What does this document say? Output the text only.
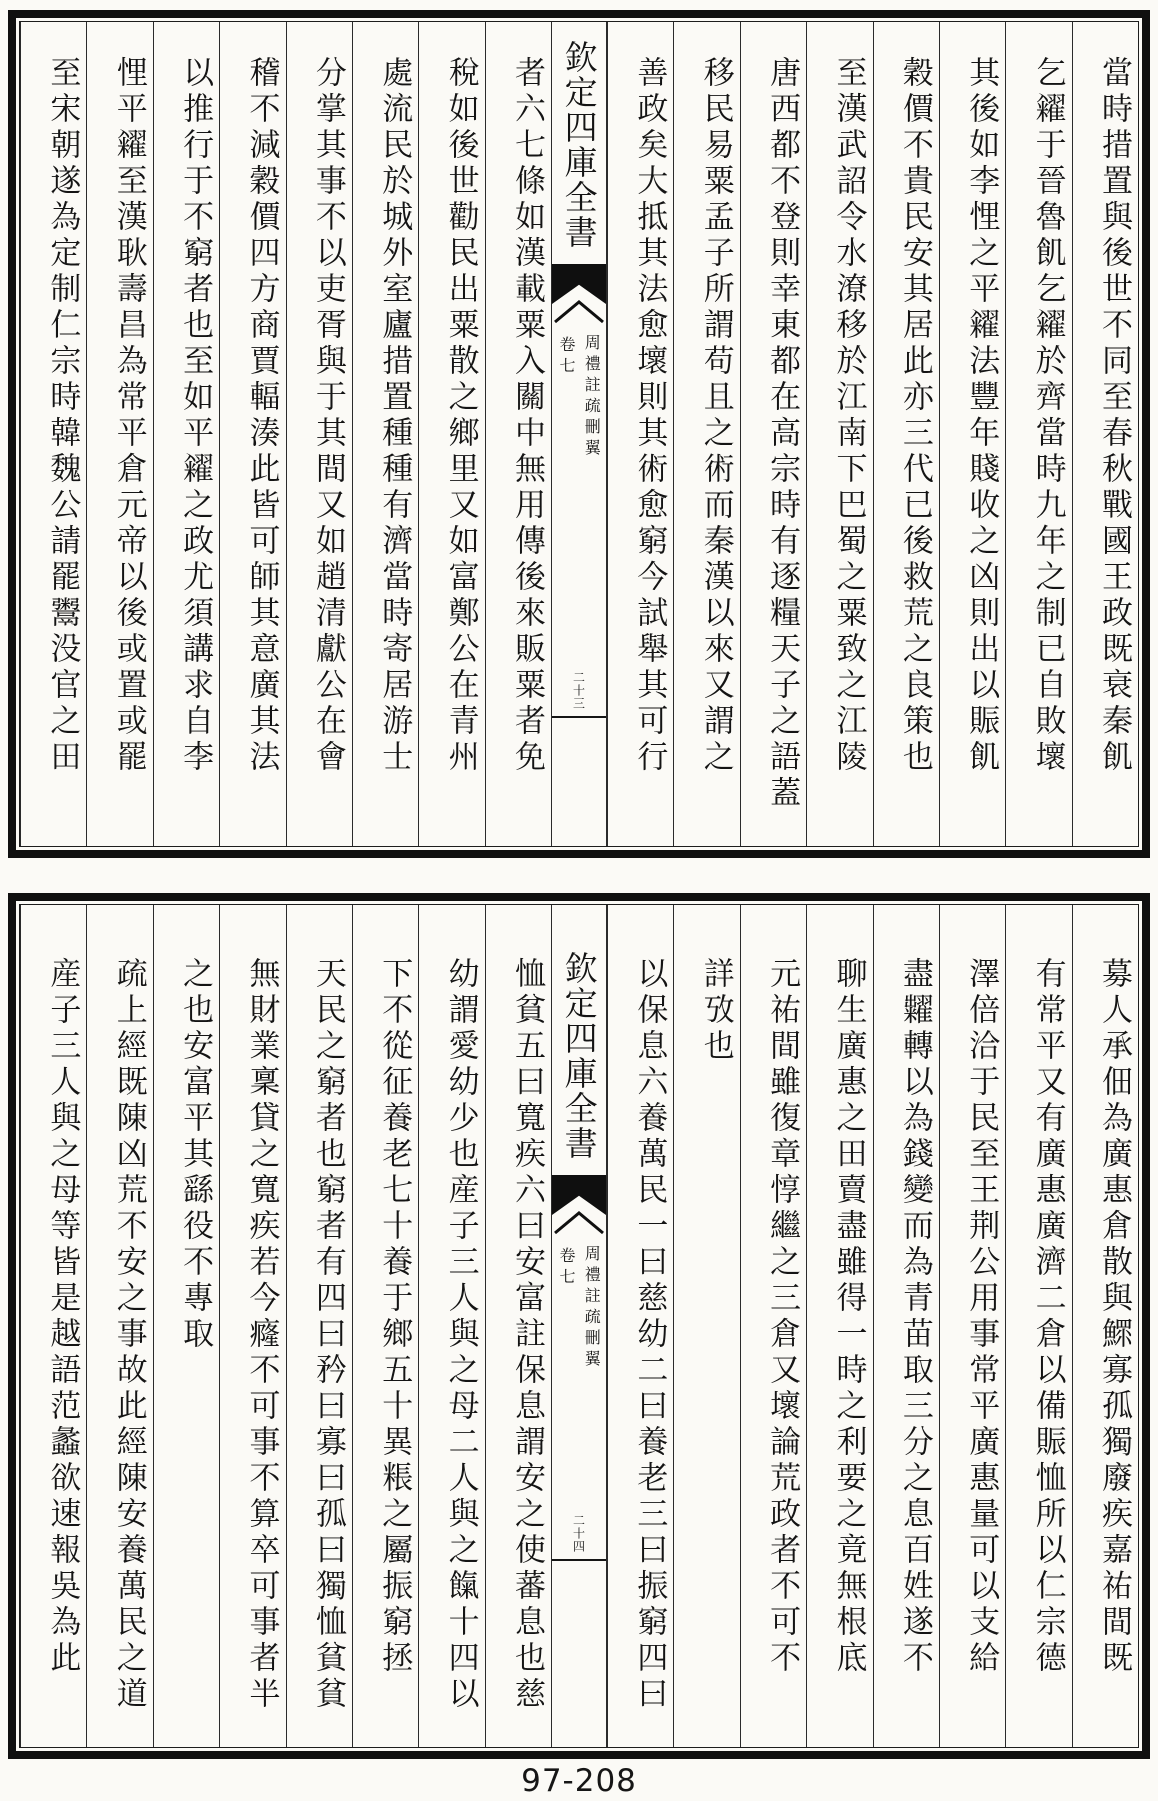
當時措置與後世不同至春秋戰國王政既衰秦飢
乞糴于晉魯飢乞糴於齊當時九年之制已自敗壞
其後如李悝之平糴法豐年賤收之凶則出以賑飢
穀價不貴民安其居此亦三代已後救荒之良策也
至漢武詔令水潦移於江南下巴蜀之粟致之江陵
唐西都不登則幸東都在高宗時有逐糧天子之語蓋
移民易粟孟子所謂苟且之術而秦漢以來又謂之
善政矣大抵其法愈壞則其術愈窮今試舉其可行
欽定四庫全書
周禮註疏刪翼
卷七
二十三
者六七條如漢載粟入關中無用傳後來販粟者免
稅如後世勸民出粟散之鄉里又如富鄭公在青州
處流民於城外室廬措置種種有濟當時寄居游士
分掌其事不以吏胥與于其間又如趙清獻公在會
稽不減穀價四方商賈輻湊此皆可師其意廣其法
以推行于不窮者也至如平糴之政尤須講求自李
悝平糴至漢耿壽昌為常平倉元帝以後或置或罷
至宋朝遂為定制仁宗時韓魏公請罷鬻没官之田
募人承佃為廣惠倉散與鰥寡孤獨廢疾嘉祐間既
有常平又有廣惠廣濟二倉以備賑恤所以仁宗德
澤倍洽于民至王荆公用事常平廣惠量可以支給
盡糶轉以為錢變而為青苗取三分之息百姓遂不
聊生廣惠之田賣盡雖得一時之利要之竟無根底
元祐間雖復章惇繼之三倉又壞論荒政者不可不
詳攷也
以保息六養萬民一曰慈幼二曰養老三曰振窮四曰
欽定四庫全書
周禮註疏刪翼
卷七
二十四
恤貧五曰寬疾六曰安富註保息謂安之使蕃息也慈
幼謂愛幼少也産子三人與之母二人與之餼十四以
下不從征養老七十養于鄉五十異粻之屬振窮拯
天民之窮者也窮者有四曰矜曰寡曰孤曰獨恤貧貧
無財業稟貸之寬疾若今癃不可事不算卒可事者半
之也安富平其繇役不專取
疏上經既陳凶荒不安之事故此經陳安養萬民之道
産子三人與之母等皆是越語范蠡欲速報吳為此
97-208
